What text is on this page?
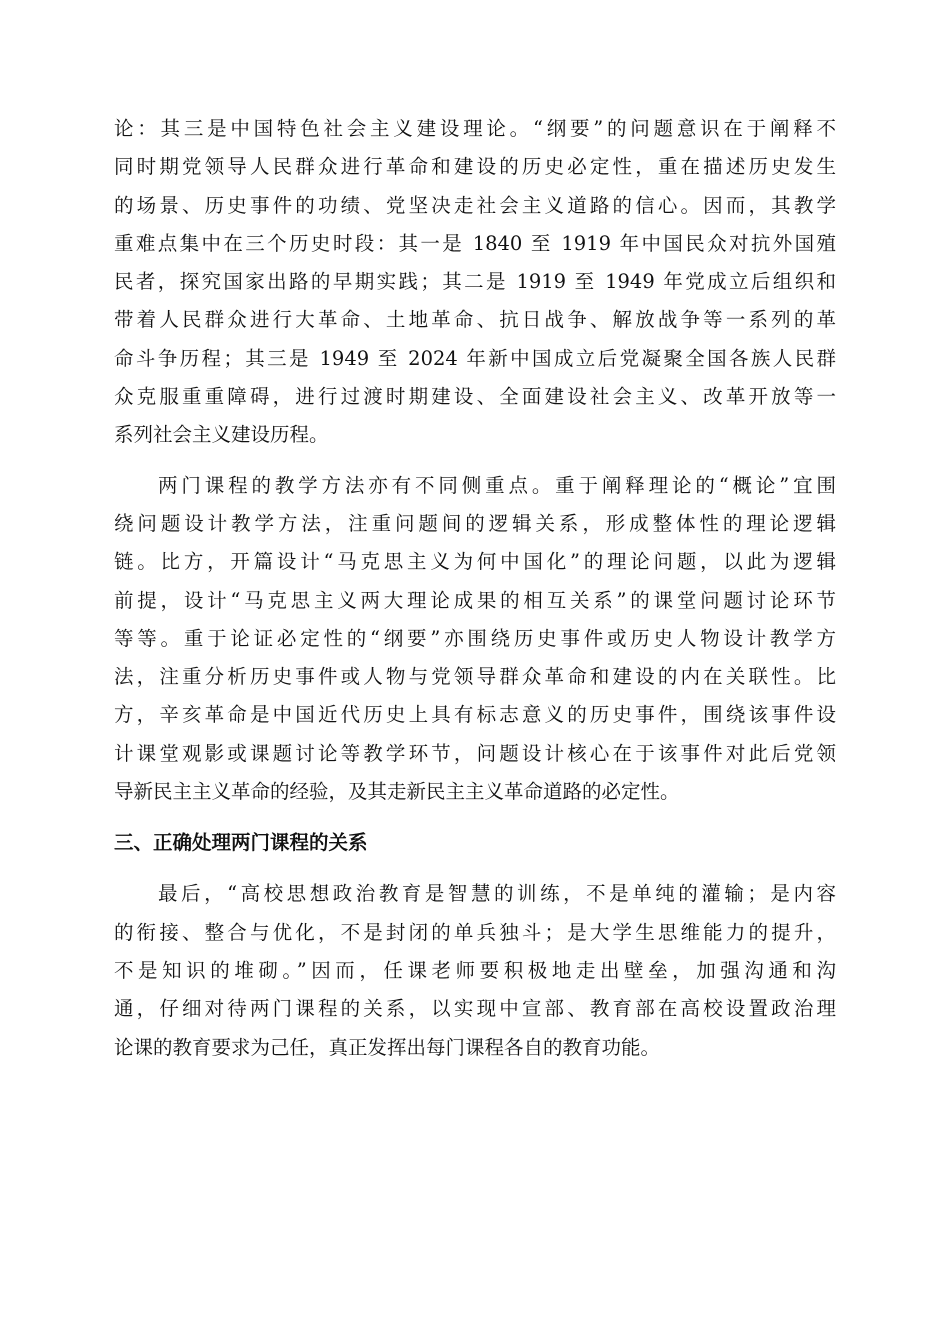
论：其三是中国特色社会主义建设理论。“纲要”的问题意识在于阐释不
同时期党领导人民群众进行革命和建设的历史必定性，重在描述历史发生
的场景、历史事件的功绩、党坚决走社会主义道路的信心。因而，其教学
重难点集中在三个历史时段：其一是 1840 至 1919 年中国民众对抗外国殖
民者，探究国家出路的早期实践；其二是 1919 至 1949 年党成立后组织和
带着人民群众进行大革命、土地革命、抗日战争、解放战争等一系列的革
命斗争历程；其三是 1949 至 2024 年新中国成立后党凝聚全国各族人民群
众克服重重障碍，进行过渡时期建设、全面建设社会主义、改革开放等一
系列社会主义建设历程。
两门课程的教学方法亦有不同侧重点。重于阐释理论的“概论”宜围
绕问题设计教学方法，注重问题间的逻辑关系，形成整体性的理论逻辑
链。比方，开篇设计“马克思主义为何中国化”的理论问题，以此为逻辑
前提，设计“马克思主义两大理论成果的相互关系”的课堂问题讨论环节
等等。重于论证必定性的“纲要”亦围绕历史事件或历史人物设计教学方
法，注重分析历史事件或人物与党领导群众革命和建设的内在关联性。比
方，辛亥革命是中国近代历史上具有标志意义的历史事件，围绕该事件设
计课堂观影或课题讨论等教学环节，问题设计核心在于该事件对此后党领
导新民主主义革命的经验，及其走新民主主义革命道路的必定性。
三、正确处理两门课程的关系
最后，“高校思想政治教育是智慧的训练，不是单纯的灌输；是内容
的衔接、整合与优化，不是封闭的单兵独斗；是大学生思维能力的提升，
不是知识的堆砌。”因而，任课老师要积极地走出壁垒，加强沟通和沟
通，仔细对待两门课程的关系，以实现中宣部、教育部在高校设置政治理
论课的教育要求为己任，真正发挥出每门课程各自的教育功能。
